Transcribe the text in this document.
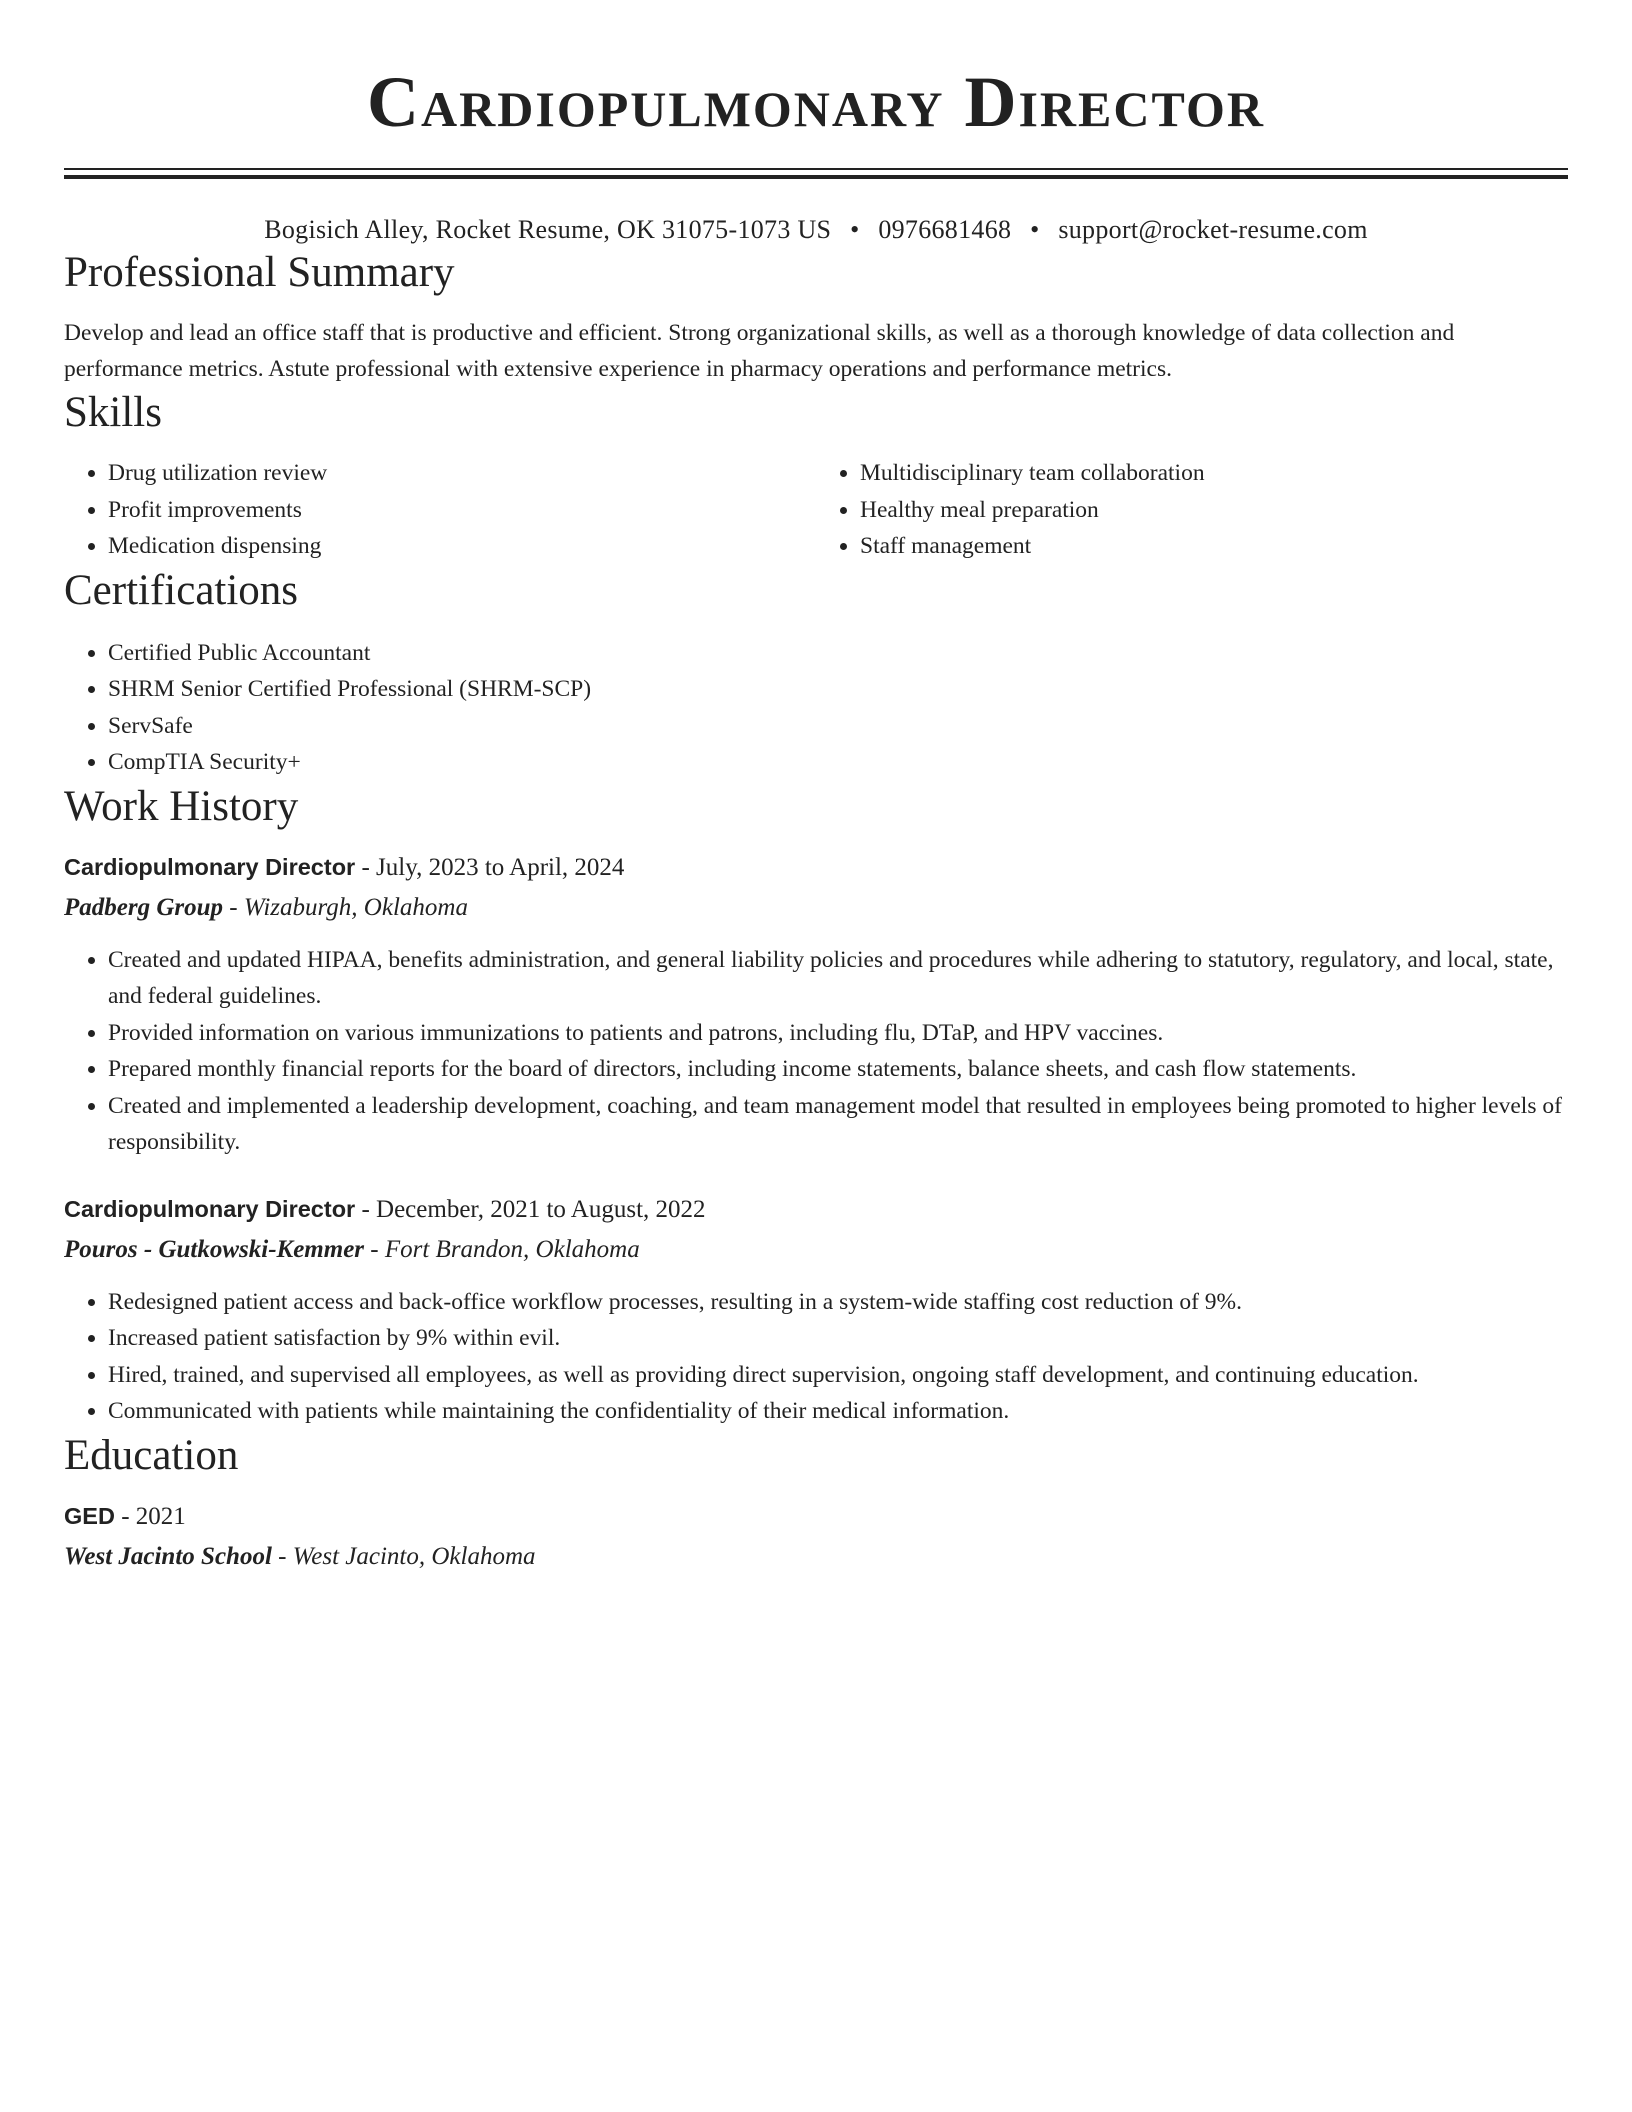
Cardiopulmonary Director
Bogisich Alley, Rocket Resume, OK 31075-1073 US • 0976681468 • support@rocket-resume.com
Professional Summary
Develop and lead an office staff that is productive and efficient. Strong organizational skills, as well as a thorough knowledge of data collection and performance metrics. Astute professional with extensive experience in pharmacy operations and performance metrics.
Skills
• Drug utilization review
• Profit improvements
• Medication dispensing
• Multidisciplinary team collaboration
• Healthy meal preparation
• Staff management
Certifications
• Certified Public Accountant
• SHRM Senior Certified Professional (SHRM-SCP)
• ServSafe
• CompTIA Security+
Work History
Cardiopulmonary Director - July, 2023 to April, 2024
Padberg Group - Wizaburgh, Oklahoma
• Created and updated HIPAA, benefits administration, and general liability policies and procedures while adhering to statutory, regulatory, and local, state, and federal guidelines.
• Provided information on various immunizations to patients and patrons, including flu, DTaP, and HPV vaccines.
• Prepared monthly financial reports for the board of directors, including income statements, balance sheets, and cash flow statements.
• Created and implemented a leadership development, coaching, and team management model that resulted in employees being promoted to higher levels of responsibility.
Cardiopulmonary Director - December, 2021 to August, 2022
Pouros - Gutkowski-Kemmer - Fort Brandon, Oklahoma
• Redesigned patient access and back-office workflow processes, resulting in a system-wide staffing cost reduction of 9%.
• Increased patient satisfaction by 9% within evil.
• Hired, trained, and supervised all employees, as well as providing direct supervision, ongoing staff development, and continuing education.
• Communicated with patients while maintaining the confidentiality of their medical information.
Education
GED - 2021
West Jacinto School - West Jacinto, Oklahoma
